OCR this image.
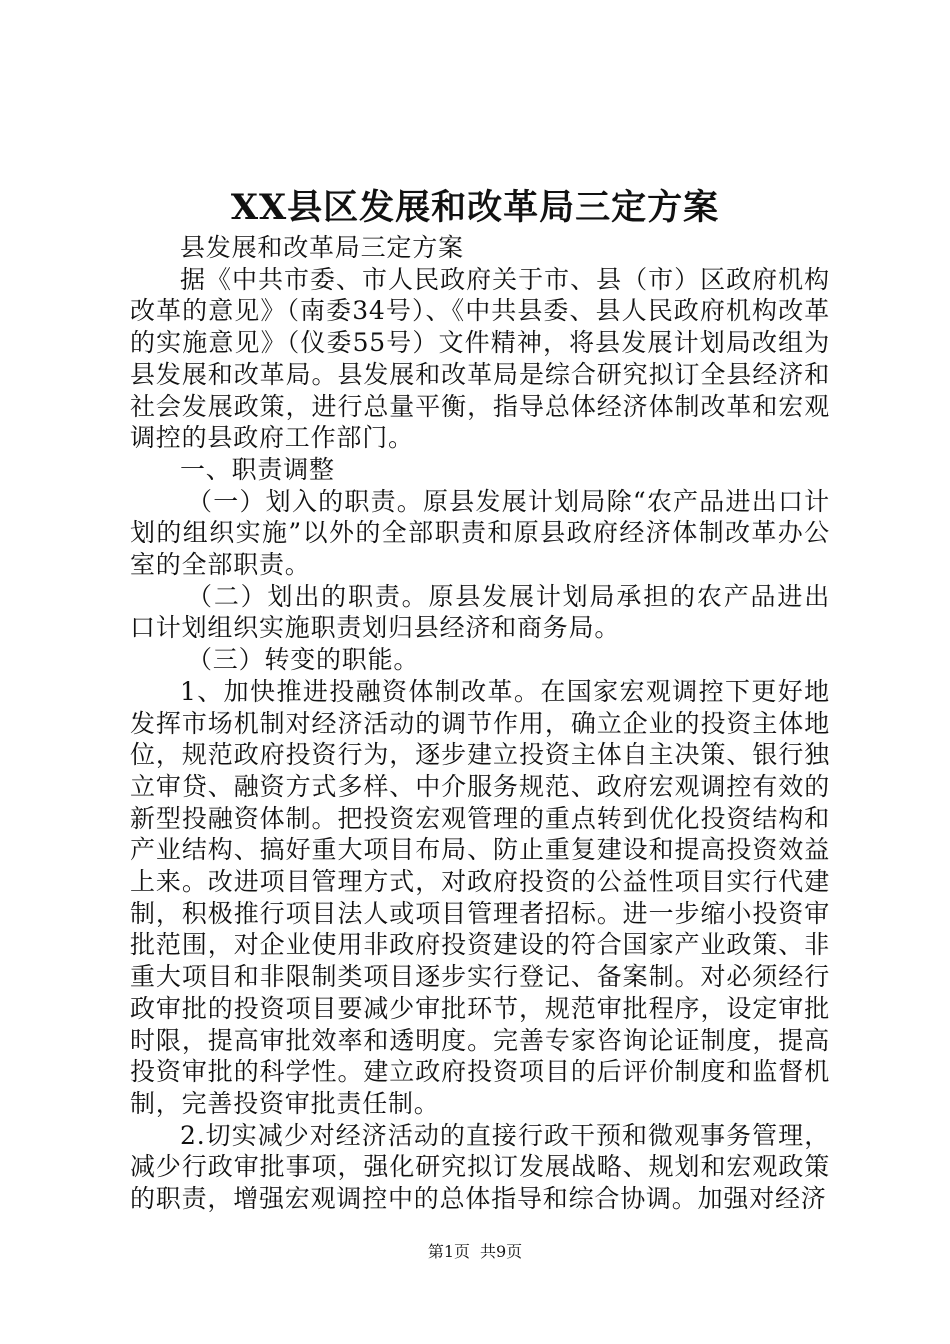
XX县区发展和改革局三定方案

县发展和改革局三定方案

据《中共市委、市人民政府关于市、县（市）区政府机构改革的意见》（南委34号）、《中共县委、县人民政府机构改革的实施意见》（仪委55号）文件精神，将县发展计划局改组为县发展和改革局。县发展和改革局是综合研究拟订全县经济和社会发展政策，进行总量平衡，指导总体经济体制改革和宏观调控的县政府工作部门。

一、职责调整

（一）划入的职责。原县发展计划局除“农产品进出口计划的组织实施”以外的全部职责和原县政府经济体制改革办公室的全部职责。

（二）划出的职责。原县发展计划局承担的农产品进出口计划组织实施职责划归县经济和商务局。

（三）转变的职能。

1、加快推进投融资体制改革。在国家宏观调控下更好地发挥市场机制对经济活动的调节作用，确立企业的投资主体地位，规范政府投资行为，逐步建立投资主体自主决策、银行独立审贷、融资方式多样、中介服务规范、政府宏观调控有效的新型投融资体制。把投资宏观管理的重点转到优化投资结构和产业结构、搞好重大项目布局、防止重复建设和提高投资效益上来。改进项目管理方式，对政府投资的公益性项目实行代建制，积极推行项目法人或项目管理者招标。进一步缩小投资审批范围，对企业使用非政府投资建设的符合国家产业政策、非重大项目和非限制类项目逐步实行登记、备案制。对必须经行政审批的投资项目要减少审批环节，规范审批程序，设定审批时限，提高审批效率和透明度。完善专家咨询论证制度，提高投资审批的科学性。建立政府投资项目的后评价制度和监督机制，完善投资审批责任制。

2.切实减少对经济活动的直接行政干预和微观事务管理，减少行政审批事项，强化研究拟订发展战略、规划和宏观政策的职责，增强宏观调控中的总体指导和综合协调。加强对经济

第1页 共9页
